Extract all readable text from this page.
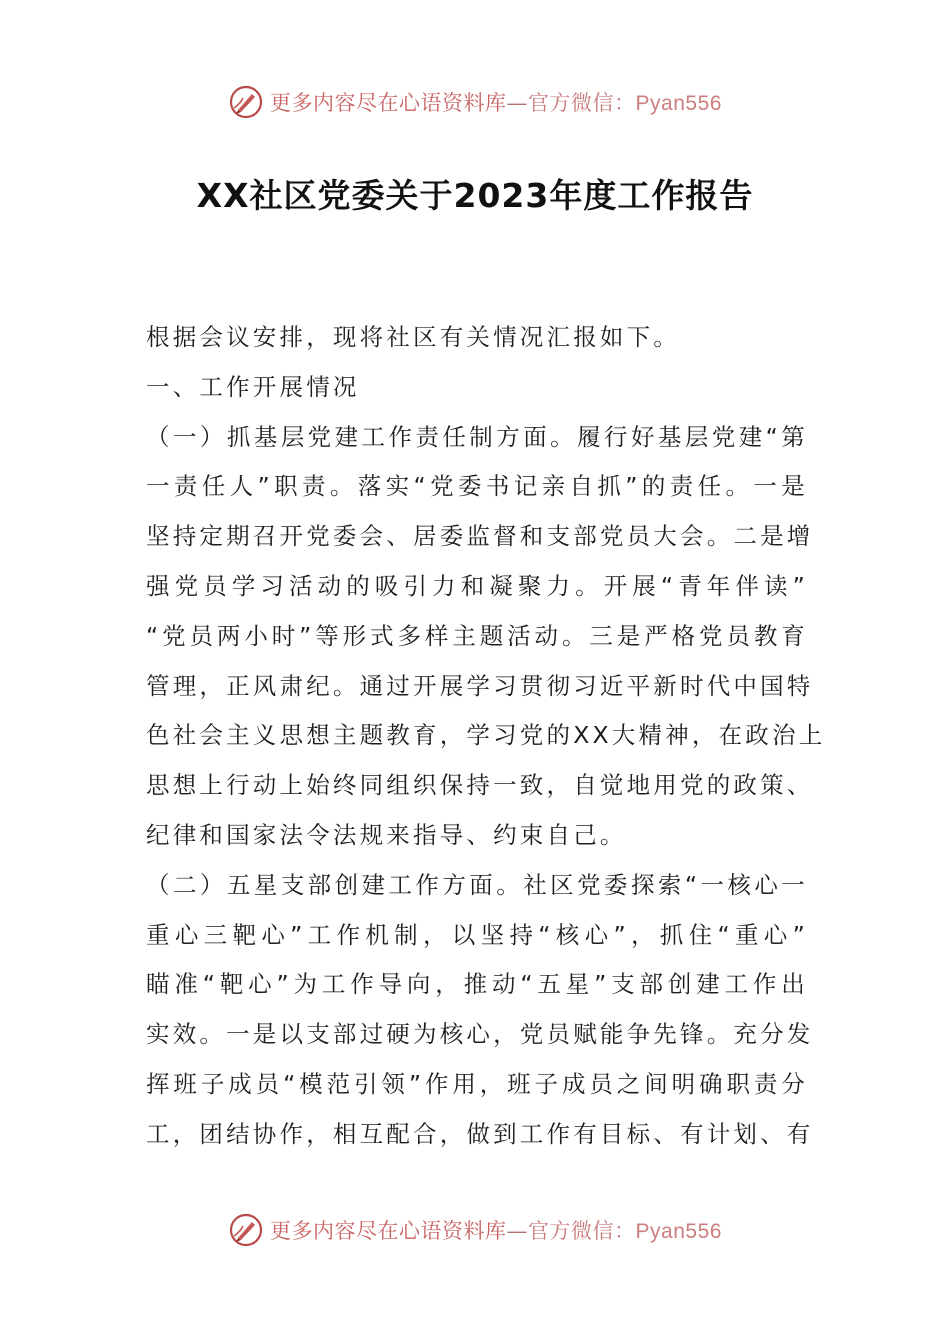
更多内容尽在心语资料库—官方微信：Pyan556
XX社区党委关于2023年度工作报告
根据会议安排，现将社区有关情况汇报如下。
一、工作开展情况
（一）抓基层党建工作责任制方面。履行好基层党建“第
一责任人”职责。落实“党委书记亲自抓”的责任。一是
坚持定期召开党委会、居委监督和支部党员大会。二是增
强党员学习活动的吸引力和凝聚力。开展“青年伴读”
“党员两小时”等形式多样主题活动。三是严格党员教育
管理，正风肃纪。通过开展学习贯彻习近平新时代中国特
色社会主义思想主题教育，学习党的XX大精神，在政治上
思想上行动上始终同组织保持一致，自觉地用党的政策、
纪律和国家法令法规来指导、约束自己。
（二）五星支部创建工作方面。社区党委探索“一核心一
重心三靶心”工作机制，以坚持“核心”，抓住“重心”
瞄准“靶心”为工作导向，推动“五星”支部创建工作出
实效。一是以支部过硬为核心，党员赋能争先锋。充分发
挥班子成员“模范引领”作用，班子成员之间明确职责分
工，团结协作，相互配合，做到工作有目标、有计划、有
更多内容尽在心语资料库—官方微信：Pyan556
